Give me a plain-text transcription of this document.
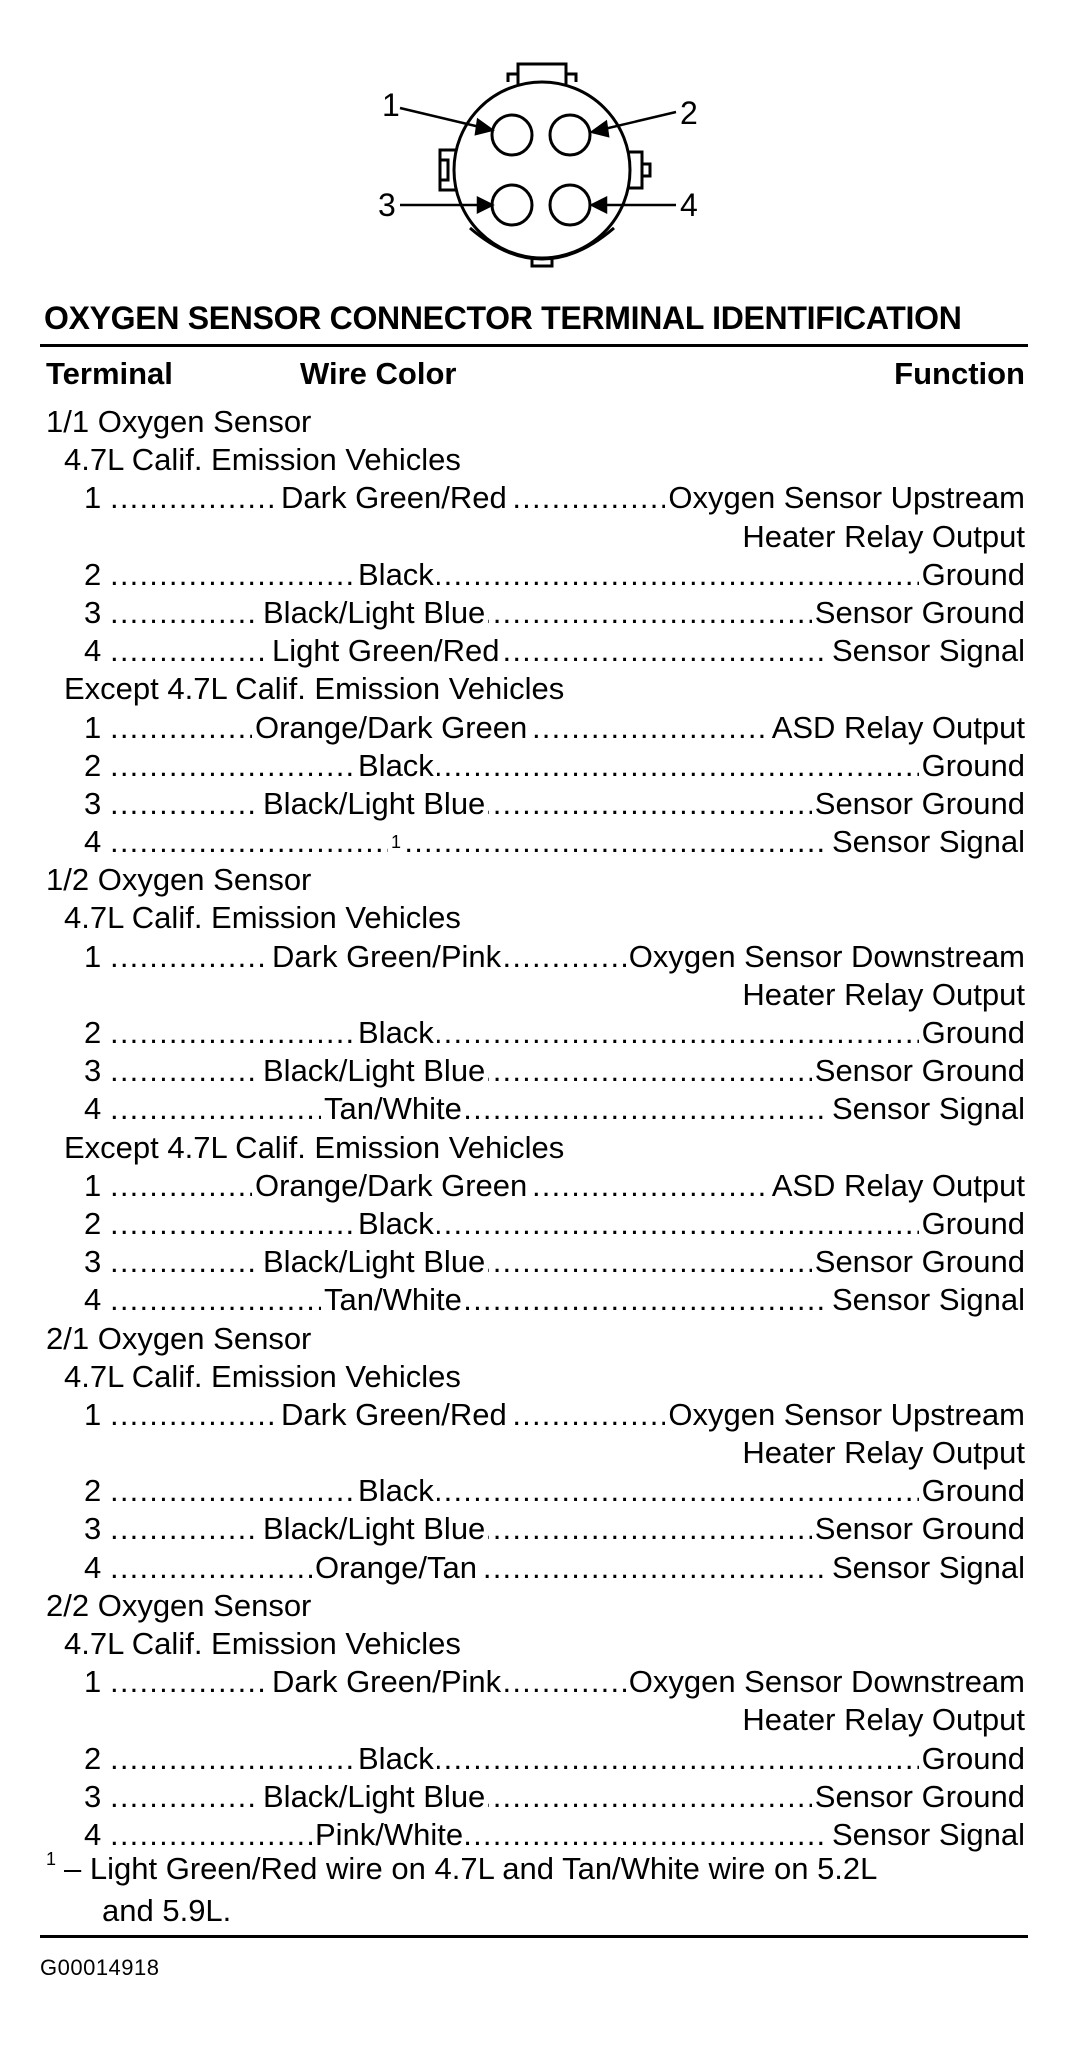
1	2
3	4
OXYGEN SENSOR CONNECTOR TERMINAL IDENTIFICATION
Terminal	Wire Color	Function
1/1 Oxygen Sensor
4.7L Calif. Emission Vehicles
1 .....	Dark Green/Red	Oxygen Sensor Upstream
Heater Relay Output
2 .....	Black	Ground
3 .....	Black/Light Blue	Sensor Ground
4 .....	Light Green/Red	Sensor Signal
Except 4.7L Calif. Emission Vehicles
1 .....	Orange/Dark Green	ASD Relay Output
2 .....	Black	Ground
3 .....	Black/Light Blue	Sensor Ground
4 .....	1	Sensor Signal
1/2 Oxygen Sensor
4.7L Calif. Emission Vehicles
1 .....	Dark Green/Pink	Oxygen Sensor Downstream
Heater Relay Output
2 .....	Black	Ground
3 .....	Black/Light Blue	Sensor Ground
4 .....	Tan/White	Sensor Signal
Except 4.7L Calif. Emission Vehicles
1 .....	Orange/Dark Green	ASD Relay Output
2 .....	Black	Ground
3 .....	Black/Light Blue	Sensor Ground
4 .....	Tan/White	Sensor Signal
2/1 Oxygen Sensor
4.7L Calif. Emission Vehicles
1 .....	Dark Green/Red	Oxygen Sensor Upstream
Heater Relay Output
2 .....	Black	Ground
3 .....	Black/Light Blue	Sensor Ground
4 .....	Orange/Tan	Sensor Signal
2/2 Oxygen Sensor
4.7L Calif. Emission Vehicles
1 .....	Dark Green/Pink	Oxygen Sensor Downstream
Heater Relay Output
2 .....	Black	Ground
3 .....	Black/Light Blue	Sensor Ground
4 .....	Pink/White	Sensor Signal
$^1$ – Light Green/Red wire on 4.7L and Tan/White wire on 5.2L
and 5.9L.
G00014918
